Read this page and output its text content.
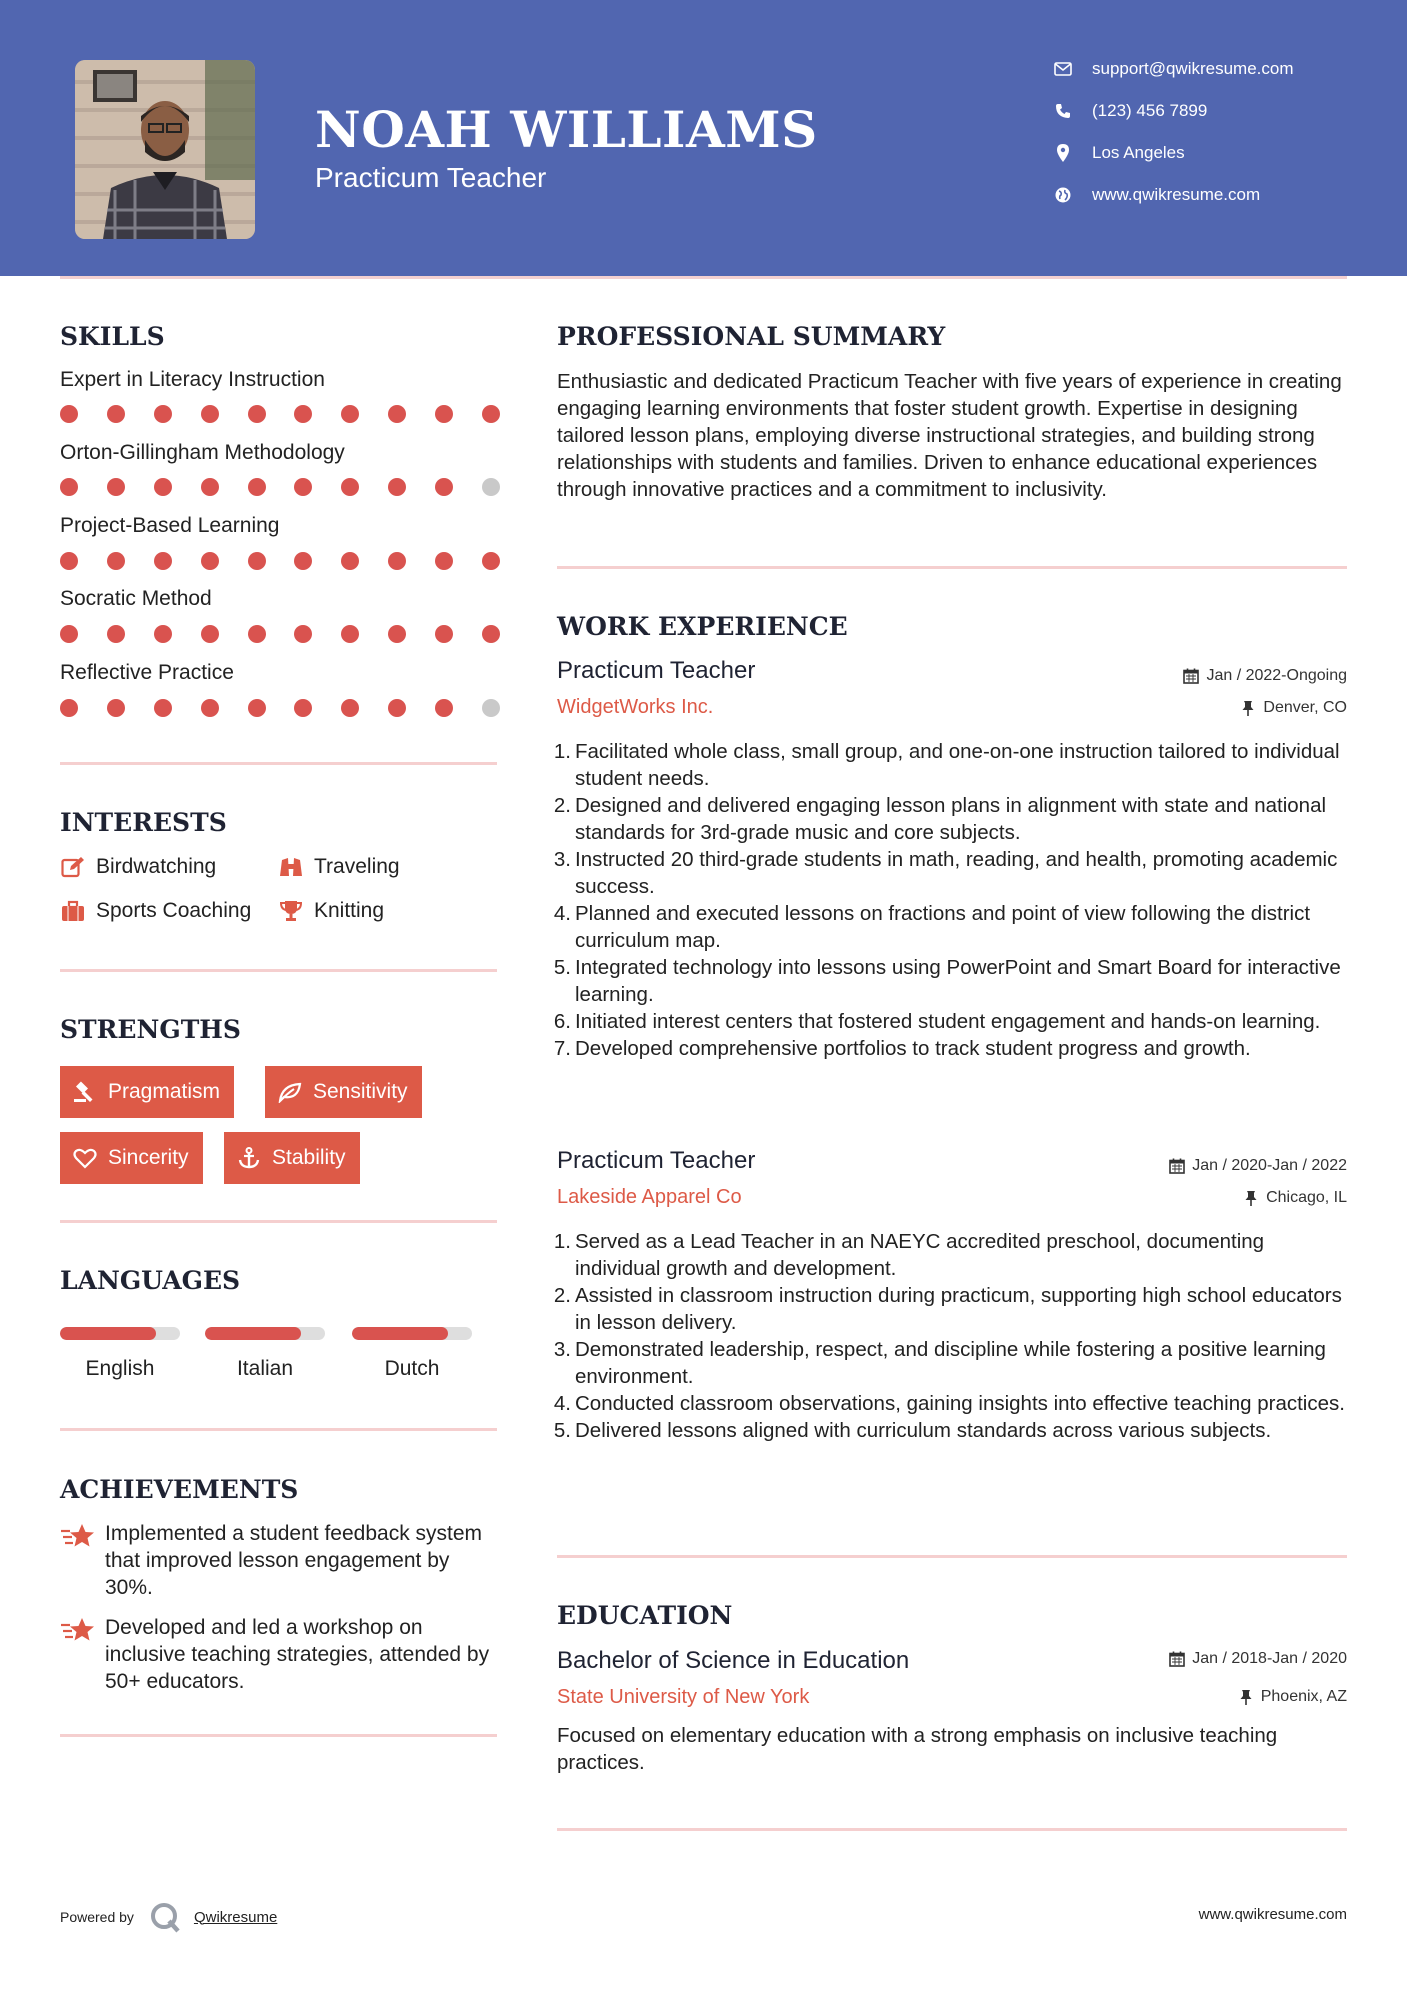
NOAH WILLIAMS
Practicum Teacher
support@qwikresume.com
(123) 456 7899
Los Angeles
www.qwikresume.com
SKILLS
Expert in Literacy Instruction
Orton-Gillingham Methodology
Project-Based Learning
Socratic Method
Reflective Practice
INTERESTS
Birdwatching	Traveling
Sports Coaching	Knitting
STRENGTHS
Pragmatism	Sensitivity
Sincerity	Stability
LANGUAGES
English	Italian	Dutch
ACHIEVEMENTS
Implemented a student feedback system that improved lesson engagement by 30%.
Developed and led a workshop on inclusive teaching strategies, attended by 50+ educators.
PROFESSIONAL SUMMARY
Enthusiastic and dedicated Practicum Teacher with five years of experience in creating engaging learning environments that foster student growth. Expertise in designing tailored lesson plans, employing diverse instructional strategies, and building strong relationships with students and families. Driven to enhance educational experiences through innovative practices and a commitment to inclusivity.
WORK EXPERIENCE
Practicum Teacher	Jan / 2022-Ongoing
WidgetWorks Inc.	Denver, CO
Facilitated whole class, small group, and one-on-one instruction tailored to individual student needs.
Designed and delivered engaging lesson plans in alignment with state and national standards for 3rd-grade music and core subjects.
Instructed 20 third-grade students in math, reading, and health, promoting academic success.
Planned and executed lessons on fractions and point of view following the district curriculum map.
Integrated technology into lessons using PowerPoint and Smart Board for interactive learning.
Initiated interest centers that fostered student engagement and hands-on learning.
Developed comprehensive portfolios to track student progress and growth.
Practicum Teacher	Jan / 2020-Jan / 2022
Lakeside Apparel Co	Chicago, IL
Served as a Lead Teacher in an NAEYC accredited preschool, documenting individual growth and development.
Assisted in classroom instruction during practicum, supporting high school educators in lesson delivery.
Demonstrated leadership, respect, and discipline while fostering a positive learning environment.
Conducted classroom observations, gaining insights into effective teaching practices.
Delivered lessons aligned with curriculum standards across various subjects.
EDUCATION
Bachelor of Science in Education	Jan / 2018-Jan / 2020
State University of New York	Phoenix, AZ
Focused on elementary education with a strong emphasis on inclusive teaching practices.
Powered by	Qwikresume	www.qwikresume.com
